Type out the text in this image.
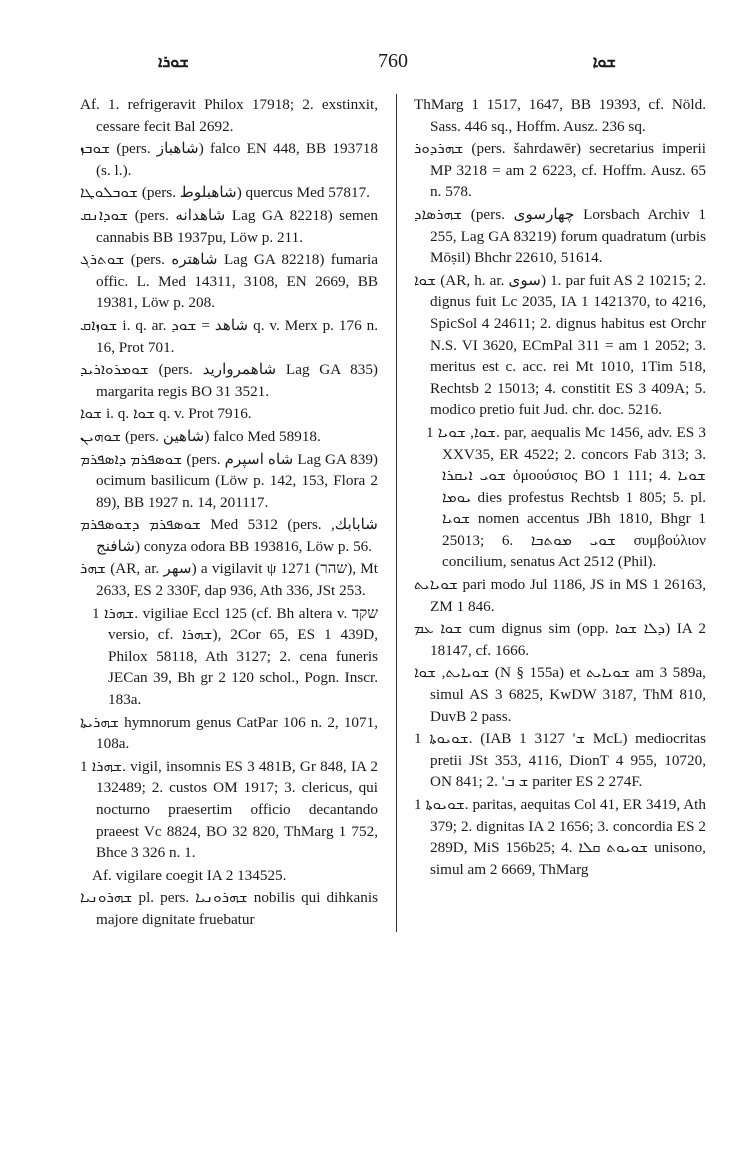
ܫܘܪܐ	760	ܫܘܐ

Af. 1. refrigeravit Philox 17918; 2. exstinxit, cessare fecit Bal 2692.

ܫܘܒܙ (pers. شاهباز) falco EN 448, BB 193718 (s. l.).

ܫܘܒܠܘܛܐ (pers. شاهبلوط) quercus Med 57817.

ܫܘܕܐܢܩ (pers. شاهدانه Lag GA 82218) semen cannabis BB 1937pu, Löw p. 211.

ܫܘܬܪܓ (pers. شاهتره Lag GA 82218) fumaria offic. L. Med 14311, 3108, EN 2669, BB 19381, Löw p. 208.

ܫܘܙܐܩ i. q. ar. شاهد = ܫܘܕ q. v. Merx p. 176 n. 16, Prot 701.

ܫܘܡܪܘܐܪܝܕ (pers. شاهمروارید Lag GA 835) margarita regis BO 31 3521.

ܫܘܐ i. q. ܫܘܐ q. v. Prot 7916.

ܫܘܗܝܢ (pers. شاهين) falco Med 58918.

ܫܘܣܦܪܡ ܕܐܣܦܪܡ (pers. شاه اسپرم Lag GA 839) ocimum basilicum (Löw p. 142, 153, Flora 2 89), BB 1927 n. 14, 201117.

ܫܘܣܦܪܡ ܕܫܘܣܦܪܡ Med 5312 (pers. شابابك, شافنج) conyza odora BB 193816, Löw p. 56.

ܫܗܪ (AR, ar. سهر) a vigilavit ψ 1271 (שהר), Mt 2633, ES 2 330F, dap 936, Ath 336, JSt 253.

ܫܗܪܐ 1. vigiliae Eccl 125 (cf. Bh altera v. שקד versio, cf. ܫܗܪܐ), 2Cor 65, ES 1 439D, Philox 58118, Ath 3127; 2. cena funeris JECan 39, Bh gr 2 120 schol., Pogn. Inscr. 183a.

ܫܗܪܝܬܐ hymnorum genus CatPar 106 n. 2, 1071, 108a.

ܫܗܪܐ 1. vigil, insomnis ES 3 481B, Gr 848, IA 2 132489; 2. custos OM 1917; 3. clericus, qui nocturno praesertim officio decantando praeest Vc 8824, BO 32 820, ThMarg 1 752, Bhce 3 326 n. 1.

Af. vigilare coegit IA 2 134525.

ܫܗܪܘܢܝܐ pl. pers. ܫܗܪܘܢܝܐ nobilis qui dihkanis majore dignitate fruebatur

ThMarg 1 1517, 1647, BB 19393, cf. Nöld. Sass. 446 sq., Hoffm. Ausz. 236 sq.

ܫܗܪܕܘܪ (pers. šahrdawēr) secretarius imperii MP 3218 = am 2 6223, cf. Hoffm. Ausz. 65 n. 578.

ܫܗܪܣܐܕ (pers. چهارسوی Lorsbach Archiv 1 255, Lag GA 83219) forum quadratum (urbis Mōṣil) Bhchr 22610, 51614.

ܫܘܐ (AR, h. ar. سوى) 1. par fuit AS 2 10215; 2. dignus fuit Lc 2035, IA 1 1421370, to 4216, SpicSol 4 24611; 2. dignus habitus est Orchr N.S. VI 3620, ECmPal 311 = am 1 2052; 3. meritus est c. acc. rei Mt 1010, 1Tim 518, Rechtsb 2 15013; 4. constitit ES 3 409A; 5. modico pretio fuit Jud. chr. doc. 5216.

ܫܘܐ, ܫܘܝܐ 1. par, aequalis Mc 1456, adv. ES 3 XXV35, ER 4522; 2. concors Fab 313; 3. ܫܘܝ ܐܝܩܪܐ ὁμοούσιος BO 1 111; 4. ܫܘܝܐ ܝܘܡܐ dies profestus Rechtsb 1 805; 5. pl. ܫܘܝܐ nomen accentus JBh 1810, Bhgr 1 25013; 6. ܫܘܝ ܡܘܬܒܐ συμβούλιον concilium, senatus Act 2512 (Phil).

ܫܘܝܐܝܬ pari modo Jul 1186, JS in MS 1 26163, ZM 1 846.

ܫܘܐ ܥܡ cum dignus sim (opp. ܕܠܐ ܫܘܐ) IA 2 18147, cf. 1666.

ܫܘܝܐܝܬ, ܫܘܐ (N § 155a) et ܫܘܝܐܝܬ am 3 589a, simul AS 3 6825, KwDW 3187, ThM 810, DuvB 2 pass.

ܫܘܝܘܬܐ 1. (IAB 1 3127 'ܫ McL) mediocritas pretii JSt 353, 4116, DionT 4 955, 10720, ON 841; 2. 'ܫ ܒ pariter ES 2 274F.

ܫܘܝܘܬܐ 1. paritas, aequitas Col 41, ER 3419, Ath 379; 2. dignitas IA 2 1656; 3. concordia ES 2 289D, MiS 156b25; 4. ܫܘܝܘܬ ܩܠܐ unisono, simul am 2 6669, ThMarg
